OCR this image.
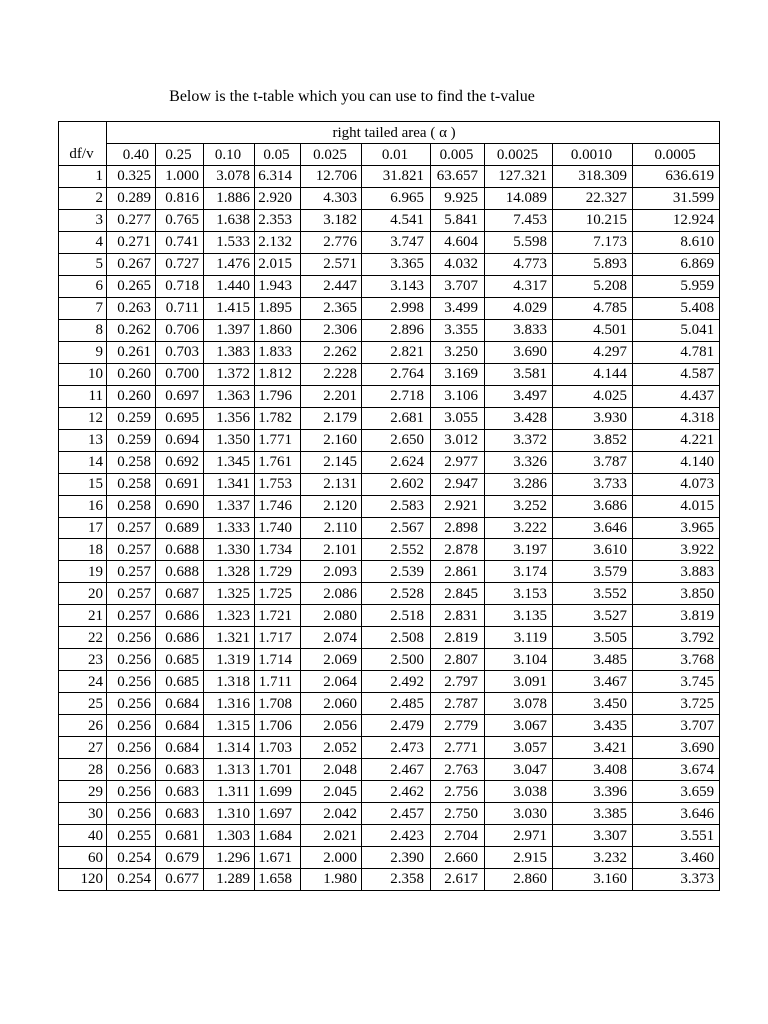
Below is the t-table which you can use to find the t-value
	right tailed area ( α )									
df/v	0.40	0.25	0.10	0.05	0.025	0.01	0.005	0.0025	0.0010	0.0005
1	0.325	1.000	3.078	6.314	12.706	31.821	63.657	127.321	318.309	636.619
2	0.289	0.816	1.886	2.920	4.303	6.965	9.925	14.089	22.327	31.599
3	0.277	0.765	1.638	2.353	3.182	4.541	5.841	7.453	10.215	12.924
4	0.271	0.741	1.533	2.132	2.776	3.747	4.604	5.598	7.173	8.610
5	0.267	0.727	1.476	2.015	2.571	3.365	4.032	4.773	5.893	6.869
6	0.265	0.718	1.440	1.943	2.447	3.143	3.707	4.317	5.208	5.959
7	0.263	0.711	1.415	1.895	2.365	2.998	3.499	4.029	4.785	5.408
8	0.262	0.706	1.397	1.860	2.306	2.896	3.355	3.833	4.501	5.041
9	0.261	0.703	1.383	1.833	2.262	2.821	3.250	3.690	4.297	4.781
10	0.260	0.700	1.372	1.812	2.228	2.764	3.169	3.581	4.144	4.587
11	0.260	0.697	1.363	1.796	2.201	2.718	3.106	3.497	4.025	4.437
12	0.259	0.695	1.356	1.782	2.179	2.681	3.055	3.428	3.930	4.318
13	0.259	0.694	1.350	1.771	2.160	2.650	3.012	3.372	3.852	4.221
14	0.258	0.692	1.345	1.761	2.145	2.624	2.977	3.326	3.787	4.140
15	0.258	0.691	1.341	1.753	2.131	2.602	2.947	3.286	3.733	4.073
16	0.258	0.690	1.337	1.746	2.120	2.583	2.921	3.252	3.686	4.015
17	0.257	0.689	1.333	1.740	2.110	2.567	2.898	3.222	3.646	3.965
18	0.257	0.688	1.330	1.734	2.101	2.552	2.878	3.197	3.610	3.922
19	0.257	0.688	1.328	1.729	2.093	2.539	2.861	3.174	3.579	3.883
20	0.257	0.687	1.325	1.725	2.086	2.528	2.845	3.153	3.552	3.850
21	0.257	0.686	1.323	1.721	2.080	2.518	2.831	3.135	3.527	3.819
22	0.256	0.686	1.321	1.717	2.074	2.508	2.819	3.119	3.505	3.792
23	0.256	0.685	1.319	1.714	2.069	2.500	2.807	3.104	3.485	3.768
24	0.256	0.685	1.318	1.711	2.064	2.492	2.797	3.091	3.467	3.745
25	0.256	0.684	1.316	1.708	2.060	2.485	2.787	3.078	3.450	3.725
26	0.256	0.684	1.315	1.706	2.056	2.479	2.779	3.067	3.435	3.707
27	0.256	0.684	1.314	1.703	2.052	2.473	2.771	3.057	3.421	3.690
28	0.256	0.683	1.313	1.701	2.048	2.467	2.763	3.047	3.408	3.674
29	0.256	0.683	1.311	1.699	2.045	2.462	2.756	3.038	3.396	3.659
30	0.256	0.683	1.310	1.697	2.042	2.457	2.750	3.030	3.385	3.646
40	0.255	0.681	1.303	1.684	2.021	2.423	2.704	2.971	3.307	3.551
60	0.254	0.679	1.296	1.671	2.000	2.390	2.660	2.915	3.232	3.460
120	0.254	0.677	1.289	1.658	1.980	2.358	2.617	2.860	3.160	3.373
